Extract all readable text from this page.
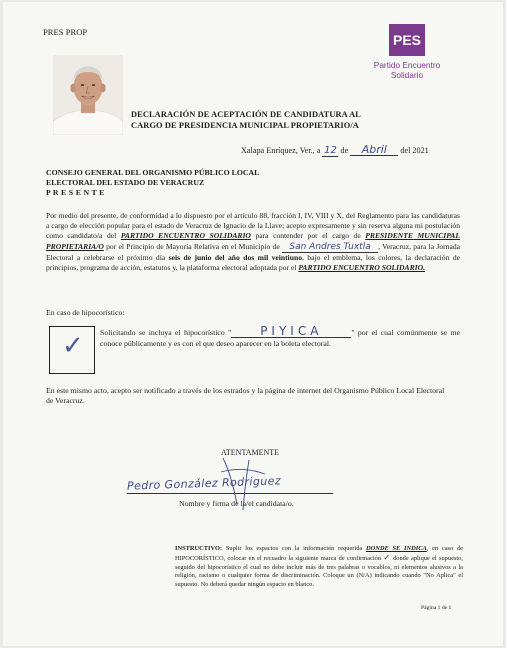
PRES PROP	PES
Partido Encuentro
Solidario
DECLARACIÓN DE ACEPTACIÓN DE CANDIDATURA AL
CARGO DE PRESIDENCIA MUNICIPAL PROPIETARIO/A
Xalapa Enríquez, Ver., a 12 de Abril del 2021
CONSEJO GENERAL DEL ORGANISMO PÚBLICO LOCAL
ELECTORAL DEL ESTADO DE VERACRUZ
P R E S E N T E
Por medio del presente, de conformidad a lo dispuesto por el artículo 88, fracción I, IV, VIII y X, del Reglamento para las candidaturas a cargo de elección popular para el estado de Veracruz de Ignacio de la Llave; acepto expresamente y sin reserva alguna mi postulación como candidato/a del PARTIDO ENCUENTRO SOLIDARIO para contender por el cargo de PRESIDENTE MUNICIPAL PROPIETARIA/O por el Principio de Mayoría Relativa en el Municipio de San Andres Tuxtla , Veracruz, para la Jornada Electoral a celebrarse el próximo día seis de junio del año dos mil veintiuno, bajo el emblema, los colores, la declaración de principios, programa de acción, estatutos y, la plataforma electoral adoptada por el PARTIDO ENCUENTRO SOLIDARIO.
En caso de hipocorístico:
✓ Solicitando se incluya el hipocorístico " PIYICA	" por el cual comúnmente se me conoce públicamente y es con el que deseo aparecer en la boleta electoral.
En este mismo acto, acepto ser notificado a través de los estrados y la página de internet del Organismo Público Local Electoral de Veracruz.
ATENTAMENTE
Pedro González Rodriguez
Nombre y firma de la/el candidata/o.
INSTRUCTIVO: Suplir los espacios con la información requerida DONDE SE INDICA, en caso de HIPOCORÍSTICO, colocar en el recuadro la siguiente marca de confirmación ✓ donde aplique el supuesto, seguido del hipocorístico el cual no debe incluir más de tres palabras o vocablos, ni elementos alusivos a la religión, racismo o cualquier forma de discriminación. Coloque un (N/A) indicando cuando "No Aplica" el supuesto. No deberá quedar ningún espacio en blanco.
Página 1 de 1
